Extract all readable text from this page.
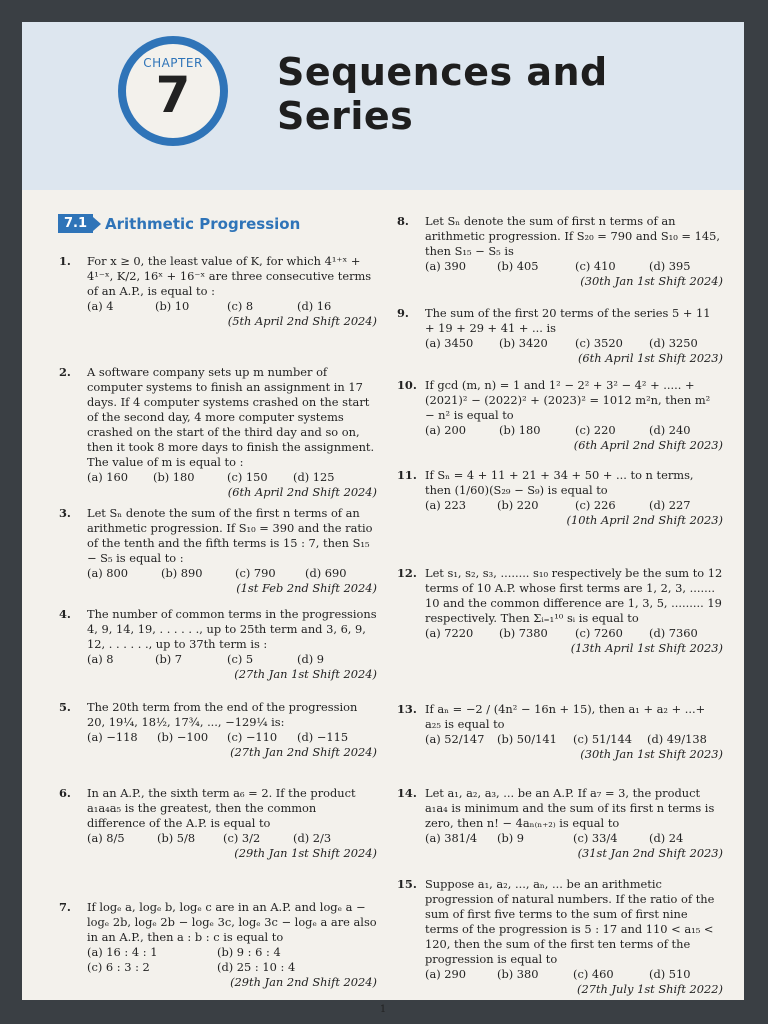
CHAPTER
7	Sequences and Series
7.1	Arithmetic Progression
1. For x ≥ 0, the least value of K, for which 4¹⁺ˣ + 4¹⁻ˣ, K/2, 16ˣ + 16⁻ˣ are three consecutive terms of an A.P., is equal to :
(a) 4	(b) 10	(c) 8	(d) 16
(5th April 2nd Shift 2024)
2. A software company sets up m number of computer systems to finish an assignment in 17 days. If 4 computer systems crashed on the start of the second day, 4 more computer systems crashed on the start of the third day and so on, then it took 8 more days to finish the assignment. The value of m is equal to :
(a) 160 (b) 180	(c) 150 (d) 125
(6th April 2nd Shift 2024)
3. Let Sₙ denote the sum of the first n terms of an arithmetic progression. If S₁₀ = 390 and the ratio of the tenth and the fifth terms is 15 : 7, then S₁₅ − S₅ is equal to :
(a) 800	(b) 890	(c) 790	(d) 690
(1st Feb 2nd Shift 2024)
4. The number of common terms in the progressions 4, 9, 14, 19, . . . . . ., up to 25th term and 3, 6, 9, 12, . . . . . ., up to 37th term is :
(a) 8	(b) 7	(c) 5	(d) 9
(27th Jan 1st Shift 2024)
5. The 20th term from the end of the progression 20, 19¼, 18½, 17¾, ..., −129¼ is:
(a) −118 (b) −100 (c) −110 (d) −115
(27th Jan 2nd Shift 2024)
6. In an A.P., the sixth term a₆ = 2. If the product a₁a₄a₅ is the greatest, then the common difference of the A.P. is equal to
(a) 8/5	(b) 5/8 (c) 3/2	(d) 2/3
(29th Jan 1st Shift 2024)
7. If logₑ a, logₑ b, logₑ c are in an A.P. and logₑ a − logₑ 2b, logₑ 2b − logₑ 3c, logₑ 3c − logₑ a are also in an A.P., then a : b : c is equal to
(a) 16 : 4 : 1	(b) 9 : 6 : 4
(c) 6 : 3 : 2	(d) 25 : 10 : 4
(29th Jan 2nd Shift 2024)
8. Let Sₙ denote the sum of first n terms of an arithmetic progression. If S₂₀ = 790 and S₁₀ = 145, then S₁₅ − S₅ is
(a) 390	(b) 405	(c) 410	(d) 395
(30th Jan 1st Shift 2024)
9. The sum of the first 20 terms of the series 5 + 11 + 19 + 29 + 41 + ... is
(a) 3450 (b) 3420 (c) 3520 (d) 3250
(6th April 1st Shift 2023)
10. If gcd (m, n) = 1 and 1² − 2² + 3² − 4² + ..... + (2021)² − (2022)² + (2023)² = 1012 m²n, then m² − n² is equal to
(a) 200	(b) 180	(c) 220	(d) 240
(6th April 2nd Shift 2023)
11. If Sₙ = 4 + 11 + 21 + 34 + 50 + ... to n terms, then (1/60)(S₂₉ − S₉) is equal to
(a) 223	(b) 220	(c) 226	(d) 227
(10th April 2nd Shift 2023)
12. Let s₁, s₂, s₃, ........ s₁₀ respectively be the sum to 12 terms of 10 A.P. whose first terms are 1, 2, 3, ....... 10 and the common difference are 1, 3, 5, ......... 19 respectively. Then Σᵢ₌₁¹⁰ sᵢ is equal to
(a) 7220 (b) 7380 (c) 7260 (d) 7360
(13th April 1st Shift 2023)
13. If aₙ = −2 / (4n² − 16n + 15), then a₁ + a₂ + ...+ a₂₅ is equal to
(a) 52/147 (b) 50/141 (c) 51/144 (d) 49/138
(30th Jan 1st Shift 2023)
14. Let a₁, a₂, a₃, ... be an A.P. If a₇ = 3, the product a₁a₄ is minimum and the sum of its first n terms is zero, then n! − 4aₙ₍ₙ₊₂₎ is equal to
(a) 381/4 (b) 9	(c) 33/4	(d) 24
(31st Jan 2nd Shift 2023)
15. Suppose a₁, a₂, ..., aₙ, ... be an arithmetic progression of natural numbers. If the ratio of the sum of first five terms to the sum of first nine terms of the progression is 5 : 17 and 110 < a₁₅ < 120, then the sum of the first ten terms of the progression is equal to
(a) 290	(b) 380	(c) 460	(d) 510
(27th July 1st Shift 2022)
1
